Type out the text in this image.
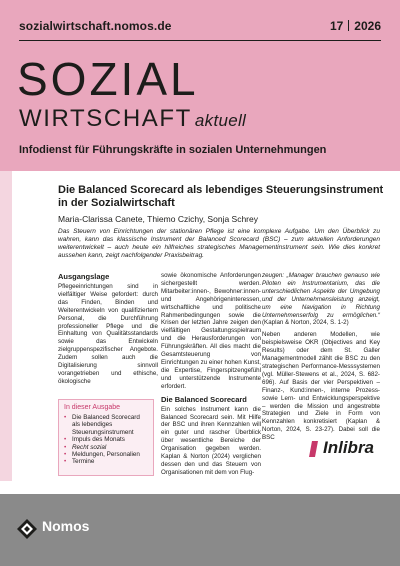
sozialwirtschaft.nomos.de	17 2026
SOZIAL
WIRTSCHAFT aktuell
Infodienst für Führungskräfte in sozialen Unternehmungen
Die Balanced Scorecard als lebendiges Steuerungsinstrument in der Sozialwirtschaft
Maria-Clarissa Canete, Thiemo Czichy, Sonja Schrey
Das Steuern von Einrichtungen der stationären Pflege ist eine komplexe Aufgabe. Um den Überblick zu wahren, kann das klassische Instrument der Balanced Scorecard (BSC) – zum aktuellen Anforderungen weiterentwickelt – auch heute ein hilfreiches strategisches Managementinstrument sein. Wie dies konkret aussehen kann, zeigt nachfolgender Praxisbeitrag.
Ausgangslage
Pflegeeinrichtungen sind in vielfältiger Weise gefordert: durch das Finden, Binden und Weiterentwickeln von qualifiziertem Personal, die Durchführung professioneller Pflege und die Einhaltung von Qualitätsstandards sowie das Entwickeln zielgruppenspezifischer Angebote. Zudem sollen auch die Digitalisierung sinnvoll vorangetrieben und ethische, ökologische
sowie ökonomische Anforderungen sichergestellt werden. Mitarbeiter:innen-, Bewohner:innen- und Angehörigeninteressen, wirtschaftliche und politische Rahmenbedingungen sowie die Krisen der letzten Jahre zeigen den vielfältigen Gestaltungsspielraum und die Herausforderungen von Führungskräften. All dies macht die Gesamtsteuerung von Einrichtungen zu einer hohen Kunst, die Expertise, Fingerspitzengefühl und unterstützende Instrumente erfordert.
Die Balanced Scorecard
Ein solches Instrument kann die Balanced Scorecard sein. Mit Hilfe der BSC und ihren Kennzahlen will ein guter und rascher Überblick über wesentliche Bereiche der Organisation gegeben werden. Kaplan & Norton (2024) verglichen dessen den und das Steuern von Organisationen mit dem von Flug-
zeugen: „Manager brauchen genauso wie Piloten ein Instrumentarium, das die unterschiedlichen Aspekte der Umgebung und der Unternehmensleistung anzeigt, um eine Navigation in Richtung Unternehmenserfolg zu ermöglichen.“ (Kaplan & Norton, 2024, S. 1-2)
Neben anderen Modellen, wie beispielsweise OKR (Objectives and Key Results) oder dem St. Galler Managementmodell zählt die BSC zu den strategischen Performance-Messsystemen (vgl. Müller-Stewens et al., 2024, S. 682-696). Auf Basis der vier Perspektiven – Finanz-, Kund:innen-, interne Prozess- sowie Lern- und Entwicklungsperspektive – werden die Mission und angestrebte Strategien und Ziele in Form von Kennzahlen konkretisiert (Kaplan & Norton, 2024, S. 23-27). Dabei soll die BSC
In dieser Ausgabe
• Die Balanced Scorecard als lebendiges Steuerungsinstrument
• Impuls des Monats
• Recht sozial
• Meldungen, Personalien
• Termine
Inlibra
Nomos
